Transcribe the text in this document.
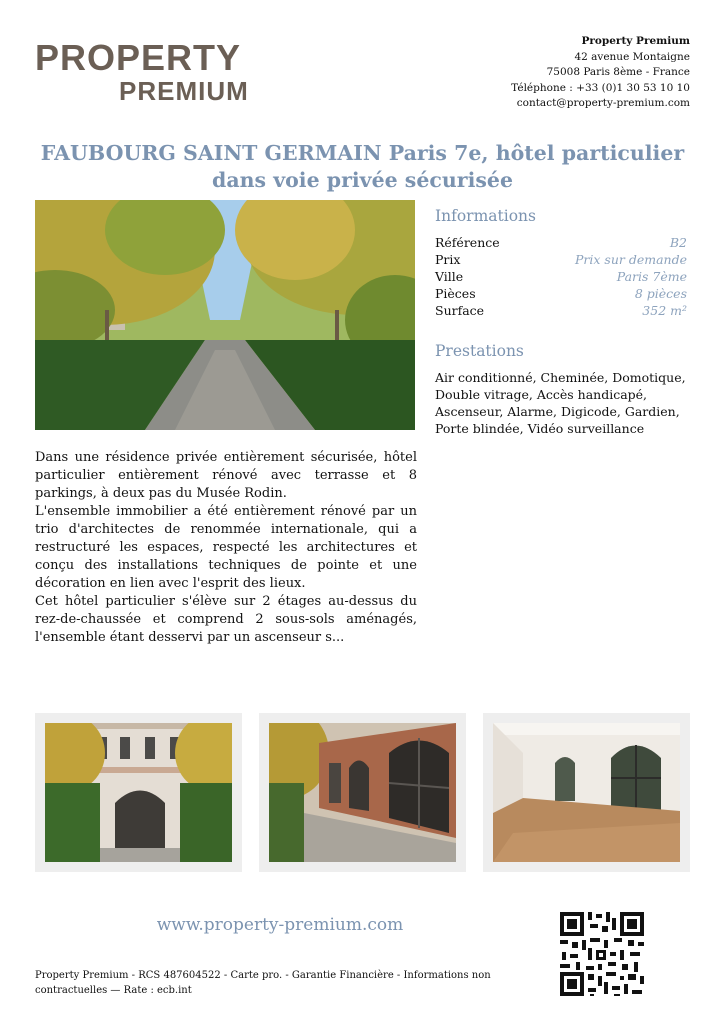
PROPERTY
PREMIUM
Property Premium
42 avenue Montaigne
75008 Paris 8ème - France
Téléphone : +33 (0)1 30 53 10 10
contact@property-premium.com
FAUBOURG SAINT GERMAIN Paris 7e, hôtel particulier dans voie privée sécurisée
Informations
Référence	B2
Prix	Prix sur demande
Ville	Paris 7ème
Pièces	8 pièces
Surface	352 m²
Prestations
Air conditionné, Cheminée, Domotique, Double vitrage, Accès handicapé, Ascenseur, Alarme, Digicode, Gardien, Porte blindée, Vidéo surveillance

Dans une résidence privée entièrement sécurisée, hôtel particulier entièrement rénové avec terrasse et 8 parkings, à deux pas du Musée Rodin.

L'ensemble immobilier a été entièrement rénové par un trio d'architectes de renommée internationale, qui a restructuré les espaces, respecté les architectures et conçu des installations techniques de pointe et une décoration en lien avec l'esprit des lieux.

Cet hôtel particulier s'élève sur 2 étages au-dessus du rez-de-chaussée et comprend 2 sous-sols aménagés, l'ensemble étant desservi par un ascenseur s...

www.property-premium.com
Property Premium - RCS 487604522 - Carte pro. - Garantie Financière - Informations non contractuelles — Rate : ecb.int
